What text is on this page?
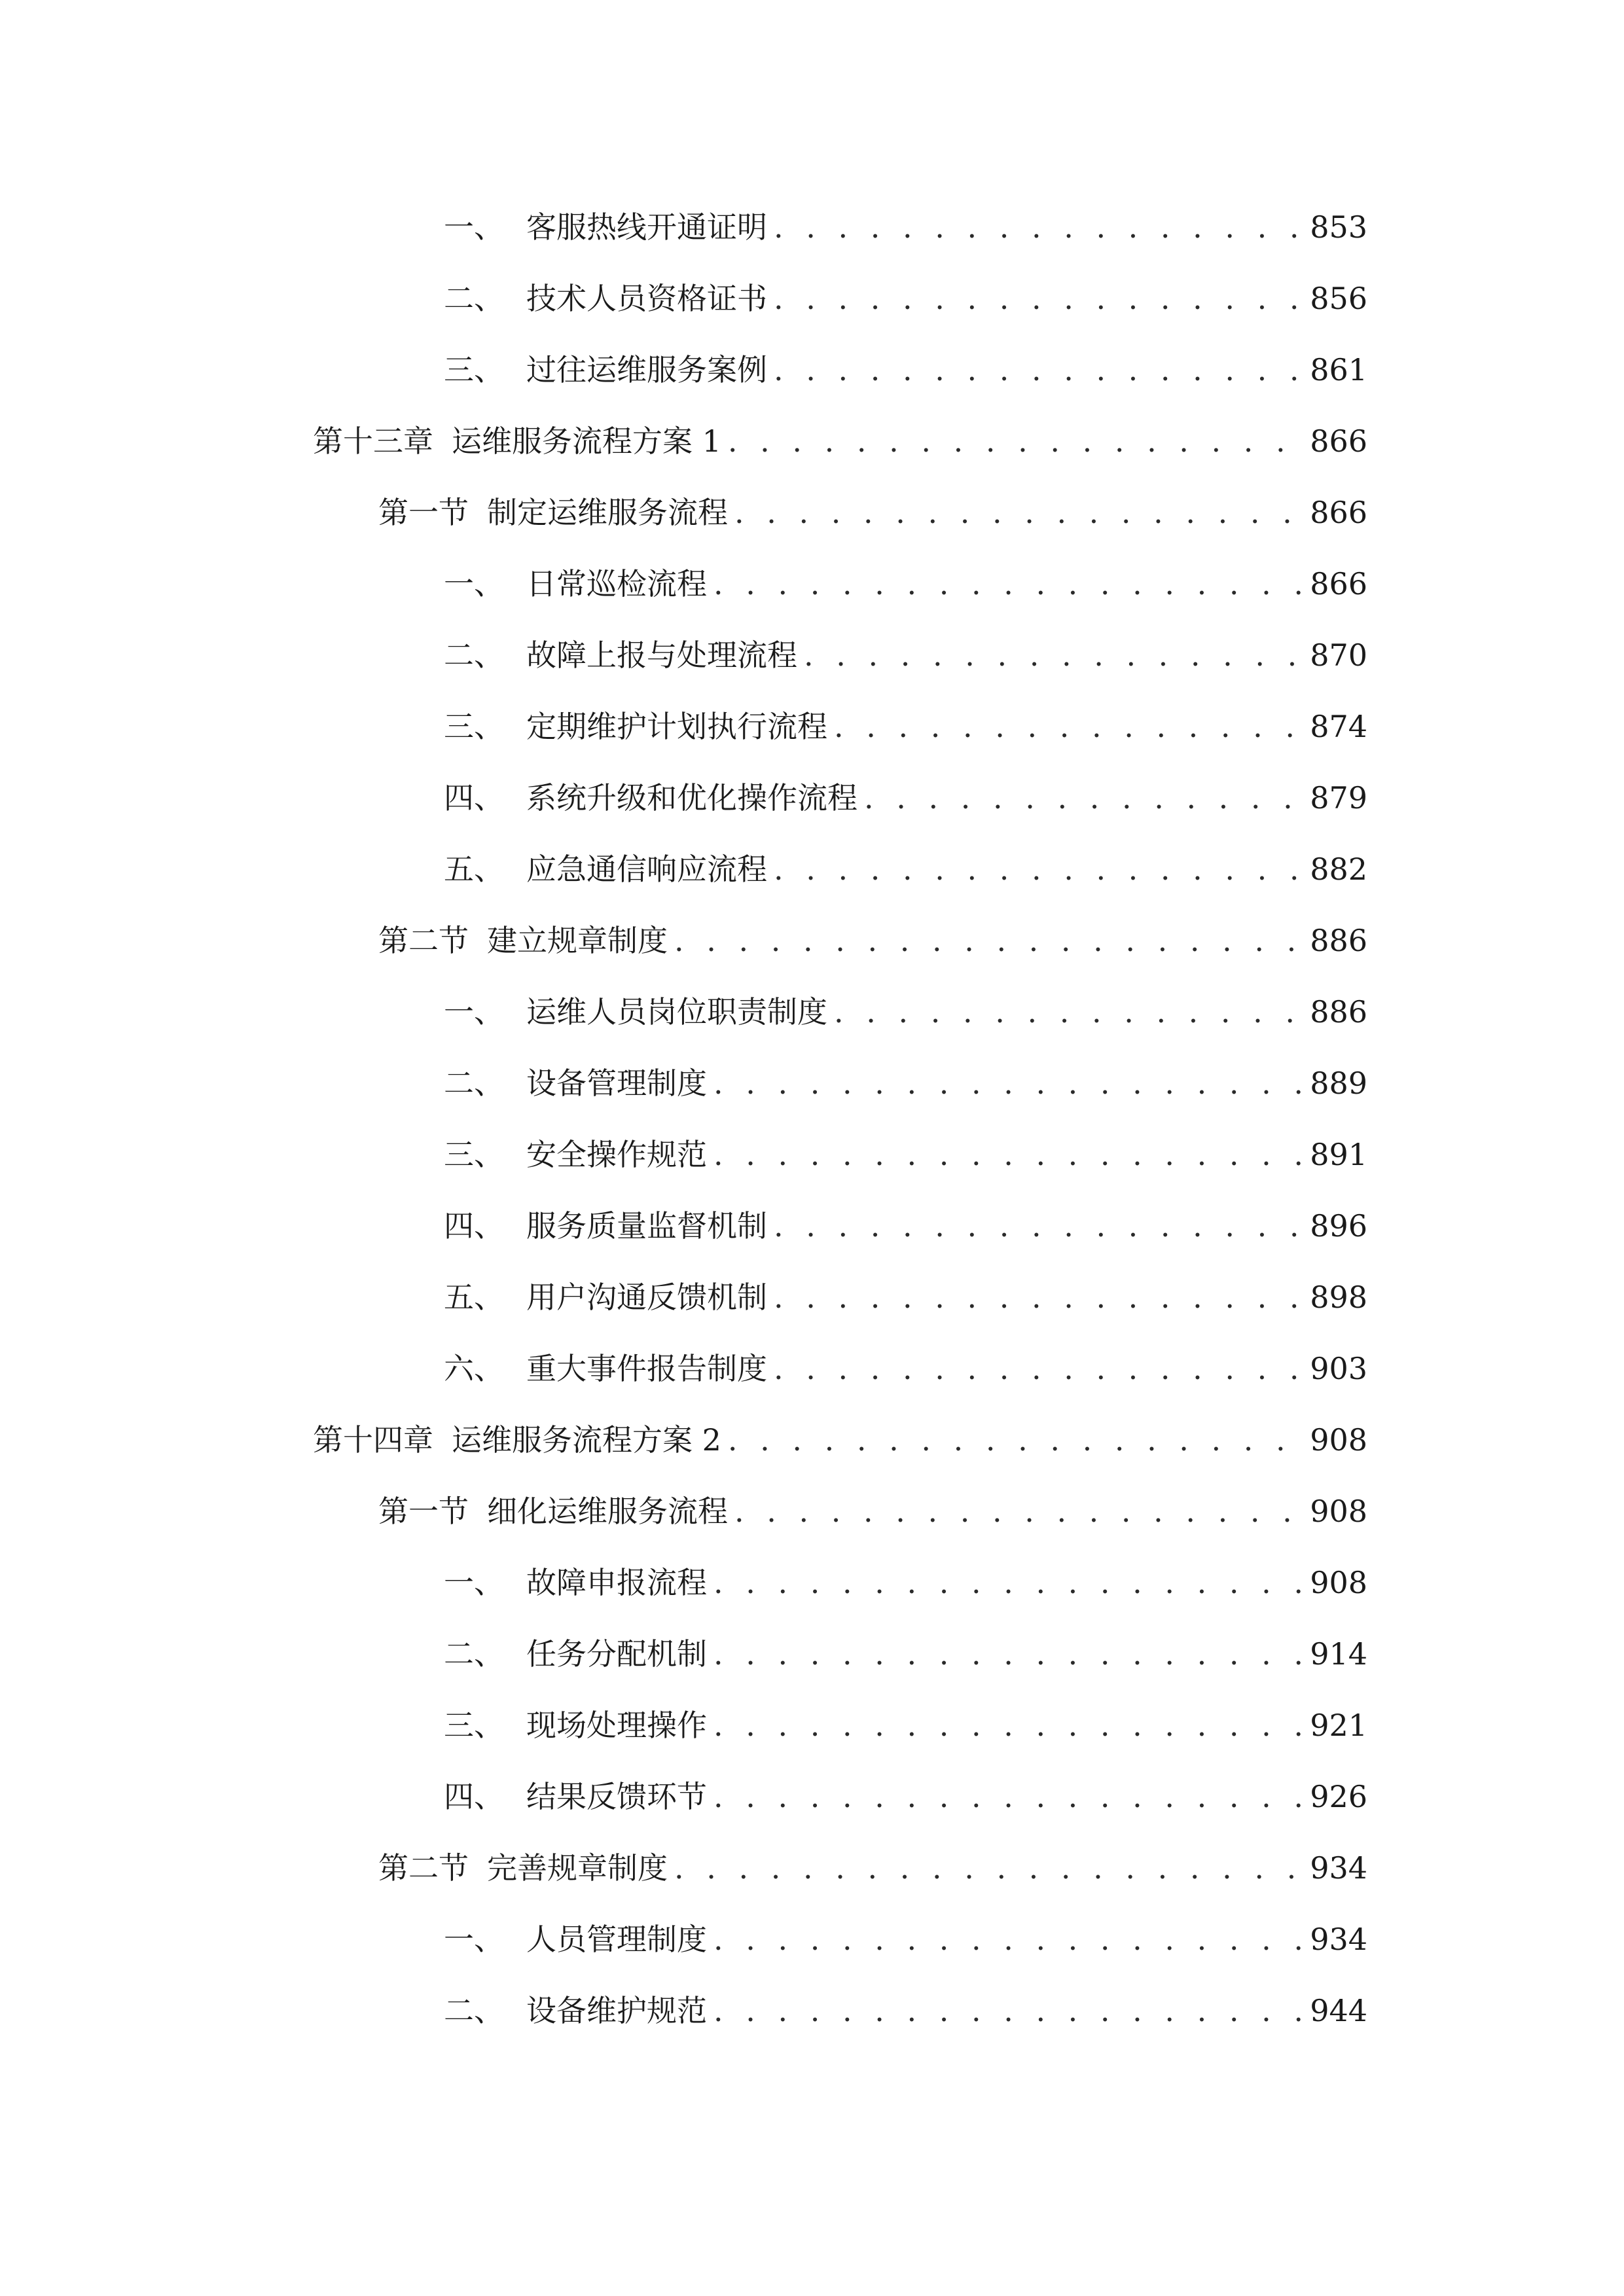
一、 客服热线开通证明 . . .	853
二、 技术人员资格证书 . . .	856
三、 过往运维服务案例 . . .	861
第十三章 运维服务流程方案 1 . . .	866
第一节 制定运维服务流程 . . .	866
一、 日常巡检流程 . . .	866
二、 故障上报与处理流程 . . .	870
三、 定期维护计划执行流程 . . .	874
四、 系统升级和优化操作流程 . . .	879
五、 应急通信响应流程 . . .	882
第二节 建立规章制度 . . .	886
一、 运维人员岗位职责制度 . . .	886
二、 设备管理制度 . . .	889
三、 安全操作规范 . . .	891
四、 服务质量监督机制 . . .	896
五、 用户沟通反馈机制 . . .	898
六、 重大事件报告制度 . . .	903
第十四章 运维服务流程方案 2 . . .	908
第一节 细化运维服务流程 . . .	908
一、 故障申报流程 . . .	908
二、 任务分配机制 . . .	914
三、 现场处理操作 . . .	921
四、 结果反馈环节 . . .	926
第二节 完善规章制度 . . .	934
一、 人员管理制度 . . .	934
二、 设备维护规范 . . .	944
